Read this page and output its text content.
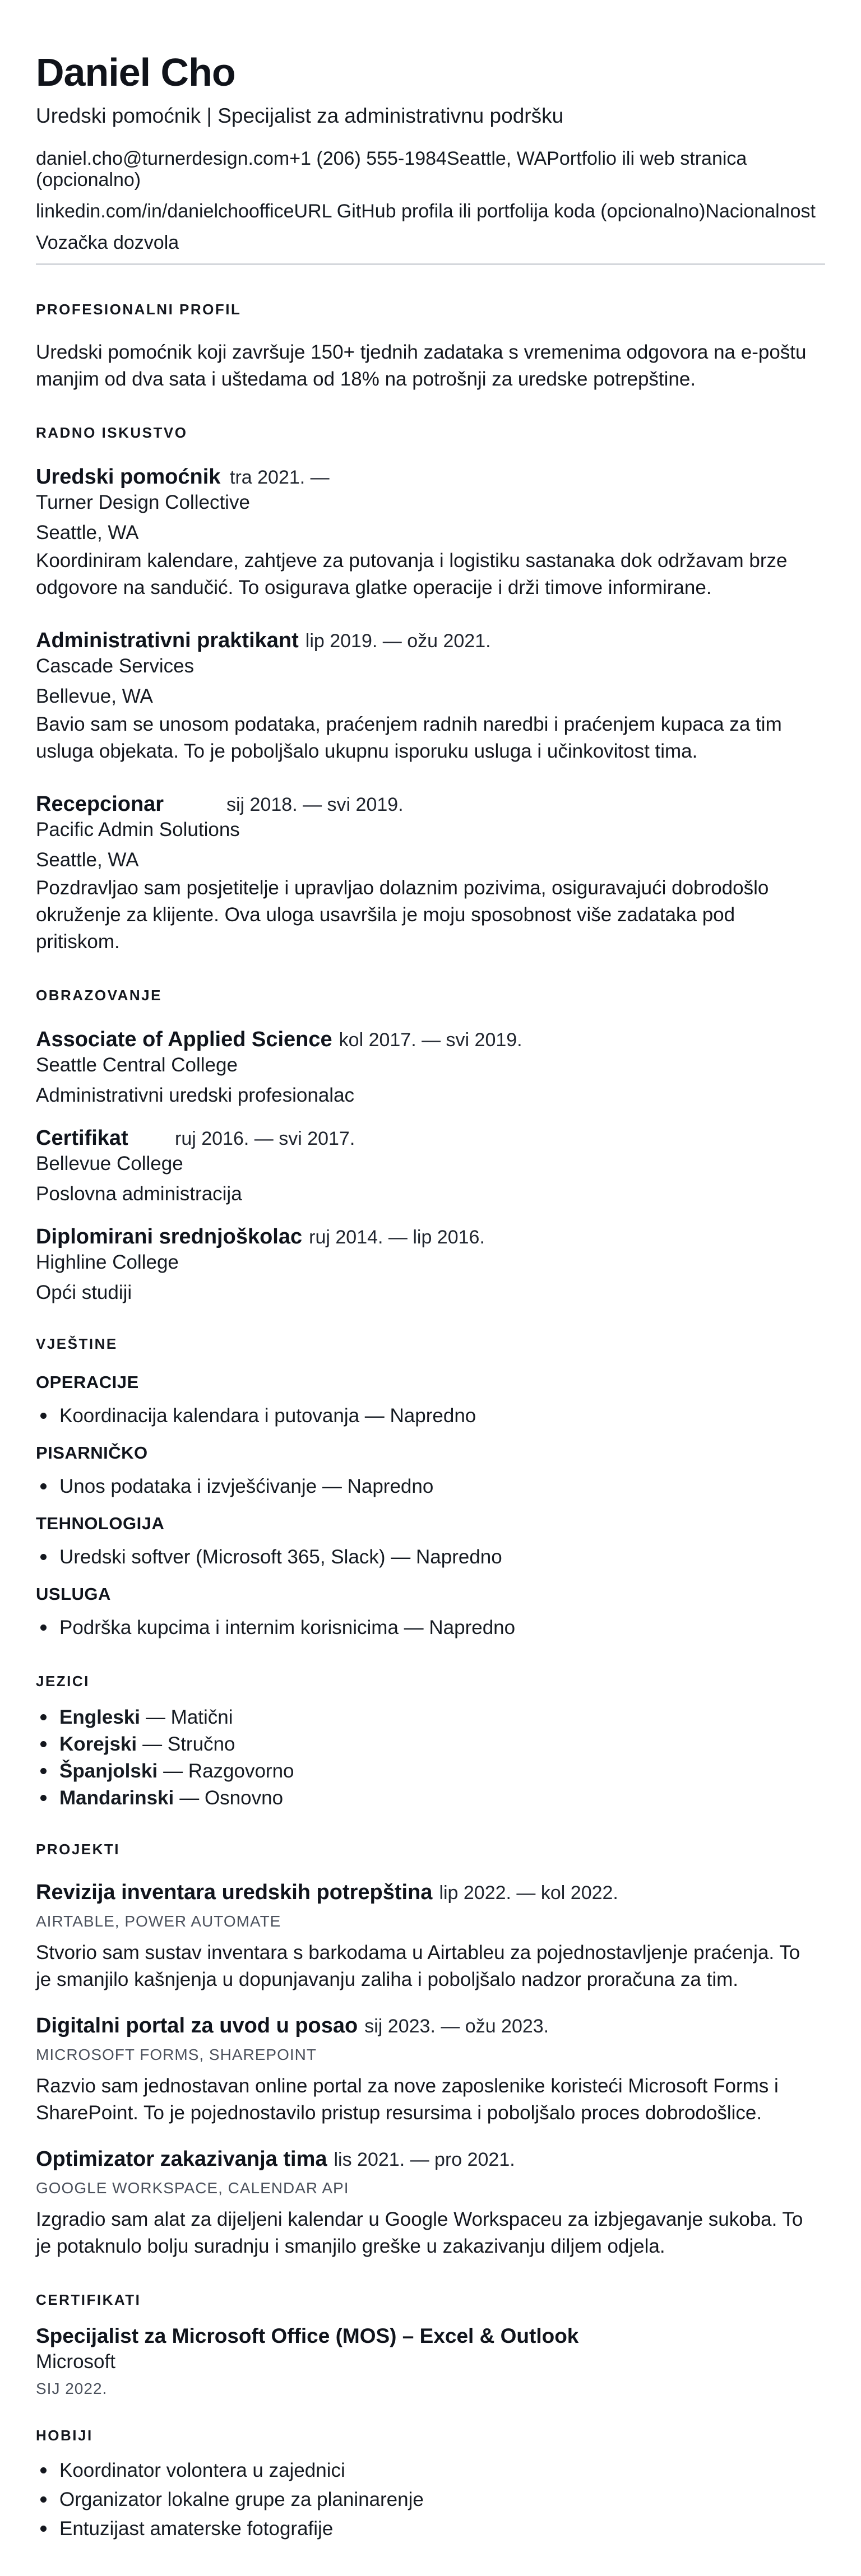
Daniel Cho
Uredski pomoćnik | Specijalist za administrativnu podršku
daniel.cho@turnerdesign.com+1 (206) 555-1984Seattle, WAPortfolio ili web stranica (opcionalno)
linkedin.com/in/danielchoofficeURL GitHub profila ili portfolija koda (opcionalno)Nacionalnost
Vozačka dozvola
PROFESIONALNI PROFIL
Uredski pomoćnik koji završuje 150+ tjednih zadataka s vremenima odgovora na e-poštu manjim od dva sata i uštedama od 18% na potrošnji za uredske potrepštine.
RADNO ISKUSTVO
Uredski pomoćnik tra 2021. —
Turner Design Collective
Seattle, WA
Koordiniram kalendare, zahtjeve za putovanja i logistiku sastanaka dok održavam brze odgovore na sandučić. To osigurava glatke operacije i drži timove informirane.
Administrativni praktikant lip 2019. — ožu 2021.
Cascade Services
Bellevue, WA
Bavio sam se unosom podataka, praćenjem radnih naredbi i praćenjem kupaca za tim usluga objekata. To je poboljšalo ukupnu isporuku usluga i učinkovitost tima.
Recepcionar	sij 2018. — svi 2019.
Pacific Admin Solutions
Seattle, WA
Pozdravljao sam posjetitelje i upravljao dolaznim pozivima, osiguravajući dobrodošlo okruženje za klijente. Ova uloga usavršila je moju sposobnost više zadataka pod pritiskom.
OBRAZOVANJE
Associate of Applied Science kol 2017. — svi 2019.
Seattle Central College
Administrativni uredski profesionalac
Certifikat	ruj 2016. — svi 2017.
Bellevue College
Poslovna administracija
Diplomirani srednjoškolac ruj 2014. — lip 2016.
Highline College
Opći studiji
VJEŠTINE
OPERACIJE
Koordinacija kalendara i putovanja — Napredno
PISARNIČKO
Unos podataka i izvješćivanje — Napredno
TEHNOLOGIJA
Uredski softver (Microsoft 365, Slack) — Napredno
USLUGA
Podrška kupcima i internim korisnicima — Napredno
JEZICI
Engleski — Matični
Korejski — Stručno
Španjolski — Razgovorno
Mandarinski — Osnovno
PROJEKTI
Revizija inventara uredskih potrepština lip 2022. — kol 2022.
AIRTABLE, POWER AUTOMATE
Stvorio sam sustav inventara s barkodama u Airtableu za pojednostavljenje praćenja. To je smanjilo kašnjenja u dopunjavanju zaliha i poboljšalo nadzor proračuna za tim.
Digitalni portal za uvod u posao sij 2023. — ožu 2023.
MICROSOFT FORMS, SHAREPOINT
Razvio sam jednostavan online portal za nove zaposlenike koristeći Microsoft Forms i SharePoint. To je pojednostavilo pristup resursima i poboljšalo proces dobrodošlice.
Optimizator zakazivanja tima lis 2021. — pro 2021.
GOOGLE WORKSPACE, CALENDAR API
Izgradio sam alat za dijeljeni kalendar u Google Workspaceu za izbjegavanje sukoba. To je potaknulo bolju suradnju i smanjilo greške u zakazivanju diljem odjela.
CERTIFIKATI
Specijalist za Microsoft Office (MOS) – Excel & Outlook
Microsoft
SIJ 2022.
HOBIJI
Koordinator volontera u zajednici
Organizator lokalne grupe za planinarenje
Entuzijast amaterske fotografije
